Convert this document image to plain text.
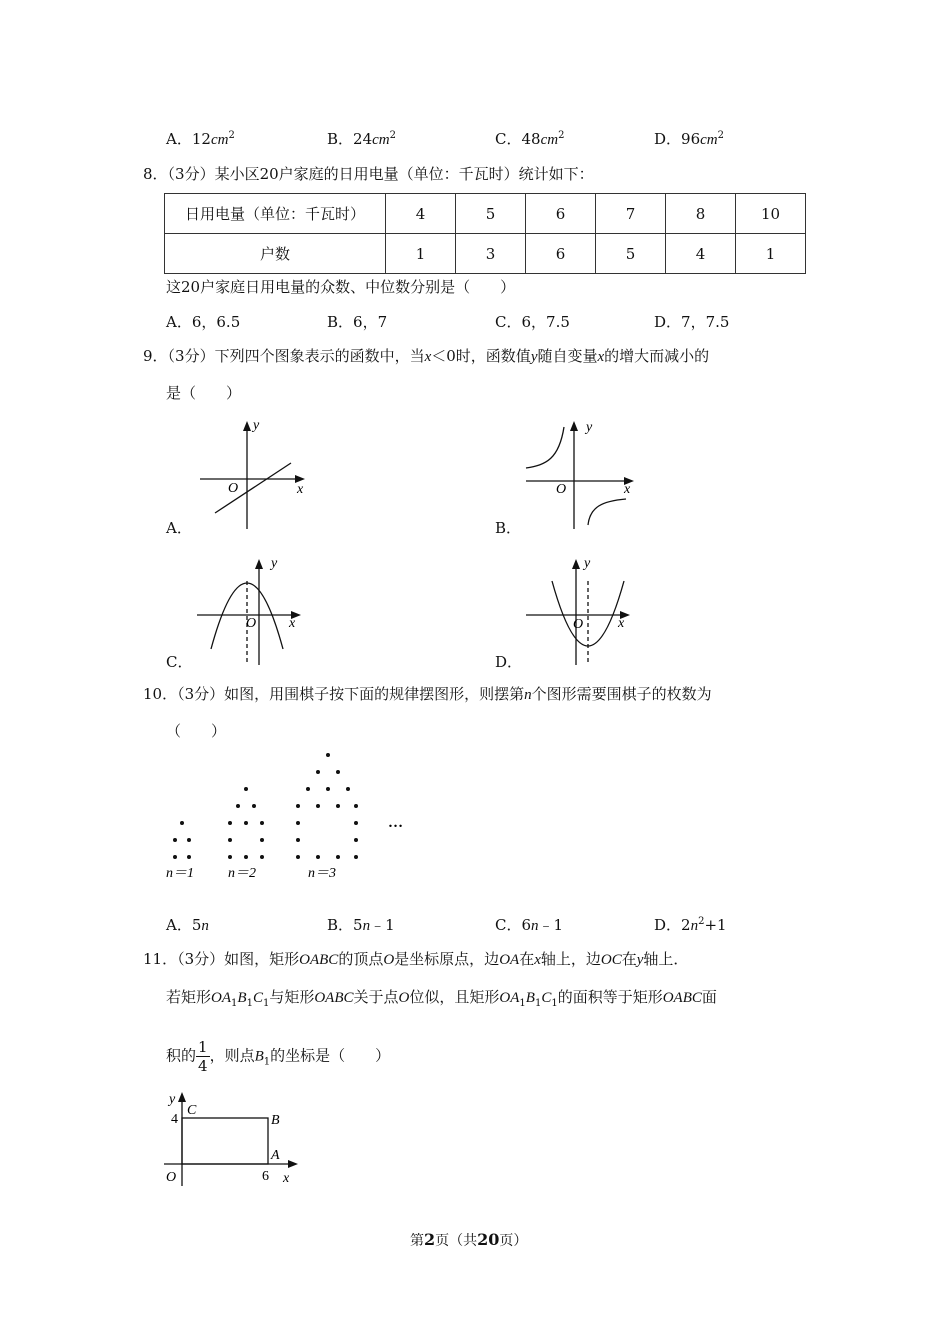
A．$12cm^2$	B．$24cm^2$	C．$48cm^2$	D．$96cm^2$
8．（3分）某小区20户家庭的日用电量（单位：千瓦时）统计如下：
日用电量（单位：千瓦时）	4	5	6	7	8	10
户数	1	3	6	5	4	1
这20户家庭日用电量的众数、中位数分别是（　　）
A．6，6.5	B．6，7	C．6，7.5	D．7，7.5
9．（3分）下列四个图象表示的函数中，当x＜0时，函数值y随自变量x的增大而减小的
是（　　）
y
x
O
A．
y
x
O
B．
y
x
O
C．
y
x
O
D．
10．（3分）如图，用围棋子按下面的规律摆图形，则摆第n个图形需要围棋子的枚数为
（　　）
n＝1 n＝2	n＝3
…
A．5n	B．5n﹣1	C．6n﹣1	D．$2n^2+1$
11．（3分）如图，矩形OABC的顶点O是坐标原点，边OA在x轴上，边OC在y轴上．
若矩形$OA_1B_1C_1$与矩形OABC关于点O位似，且矩形$OA_1B_1C_1$的面积等于矩形OABC面
积的 $\frac{1}{4}$ ，则点$B_1$的坐标是（　　）
y
x
O
4
C
B
A
6
第2页（共20页）
